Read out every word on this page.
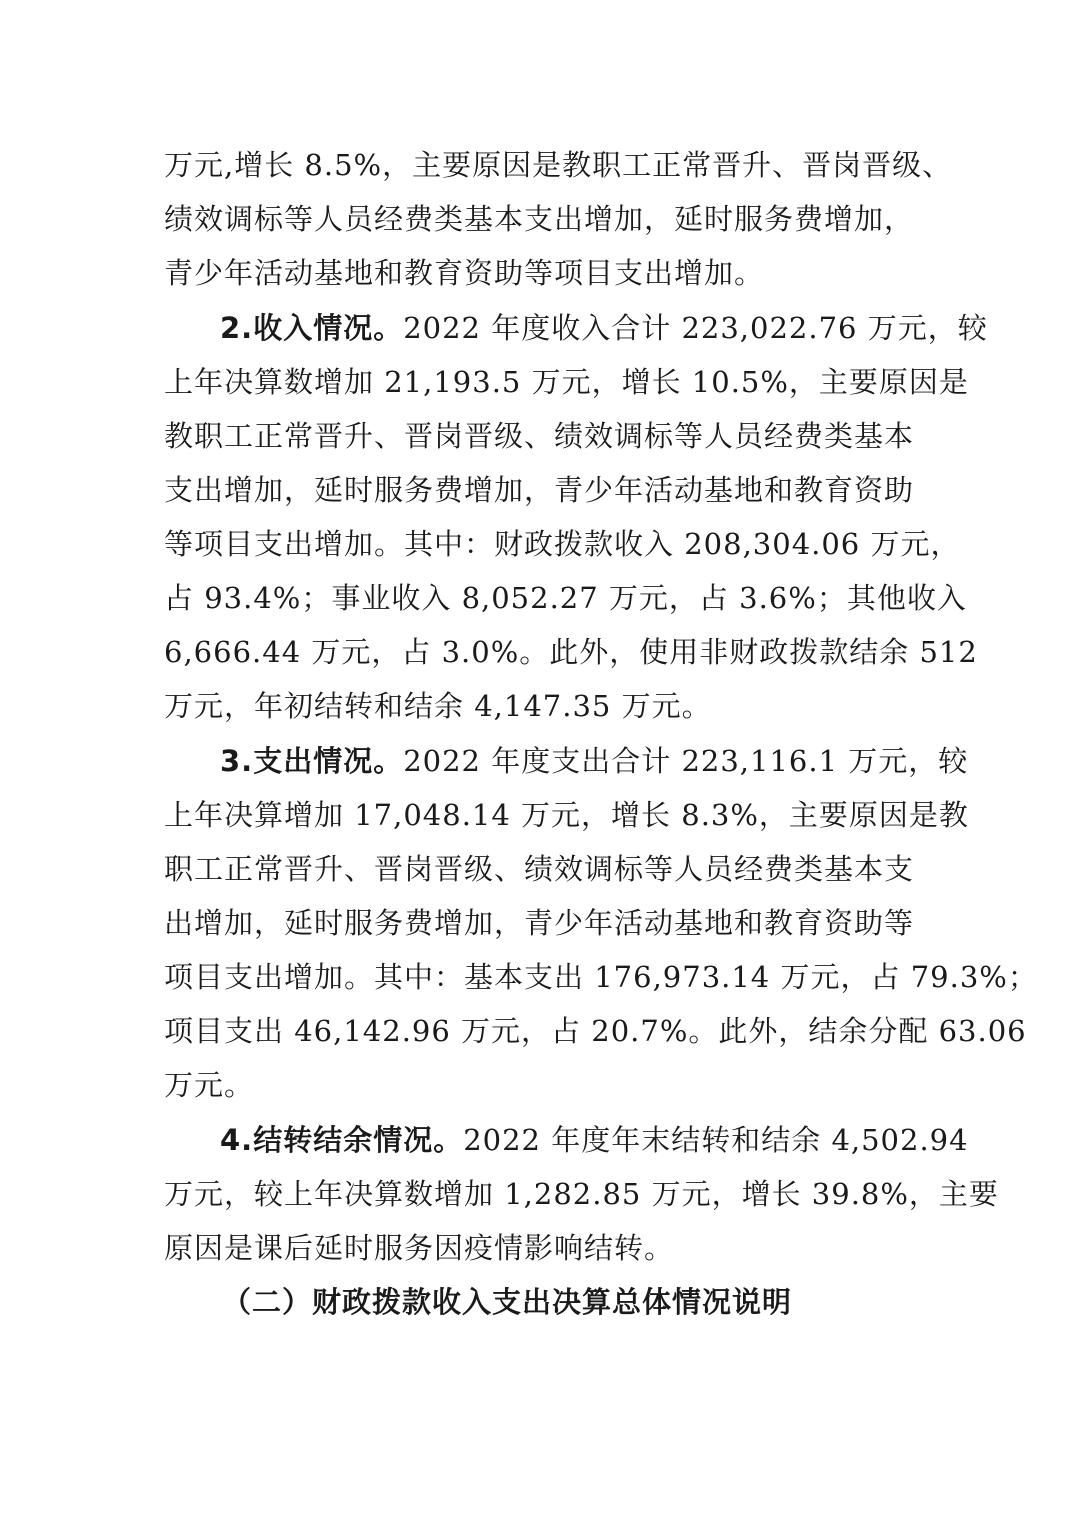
万元,增长 8.5%，主要原因是教职工正常晋升、晋岗晋级、
绩效调标等人员经费类基本支出增加，延时服务费增加，
青少年活动基地和教育资助等项目支出增加。
2.收入情况。2022 年度收入合计 223,022.76 万元，较
上年决算数增加 21,193.5 万元，增长 10.5%，主要原因是
教职工正常晋升、晋岗晋级、绩效调标等人员经费类基本
支出增加，延时服务费增加，青少年活动基地和教育资助
等项目支出增加。其中：财政拨款收入 208,304.06 万元，
占 93.4%；事业收入 8,052.27 万元，占 3.6%；其他收入
6,666.44 万元，占 3.0%。此外，使用非财政拨款结余 512
万元，年初结转和结余 4,147.35 万元。
3.支出情况。2022 年度支出合计 223,116.1 万元，较
上年决算增加 17,048.14 万元，增长 8.3%，主要原因是教
职工正常晋升、晋岗晋级、绩效调标等人员经费类基本支
出增加，延时服务费增加，青少年活动基地和教育资助等
项目支出增加。其中：基本支出 176,973.14 万元，占 79.3%；
项目支出 46,142.96 万元，占 20.7%。此外，结余分配 63.06
万元。
4.结转结余情况。2022 年度年末结转和结余 4,502.94
万元，较上年决算数增加 1,282.85 万元，增长 39.8%，主要
原因是课后延时服务因疫情影响结转。
（二）财政拨款收入支出决算总体情况说明
